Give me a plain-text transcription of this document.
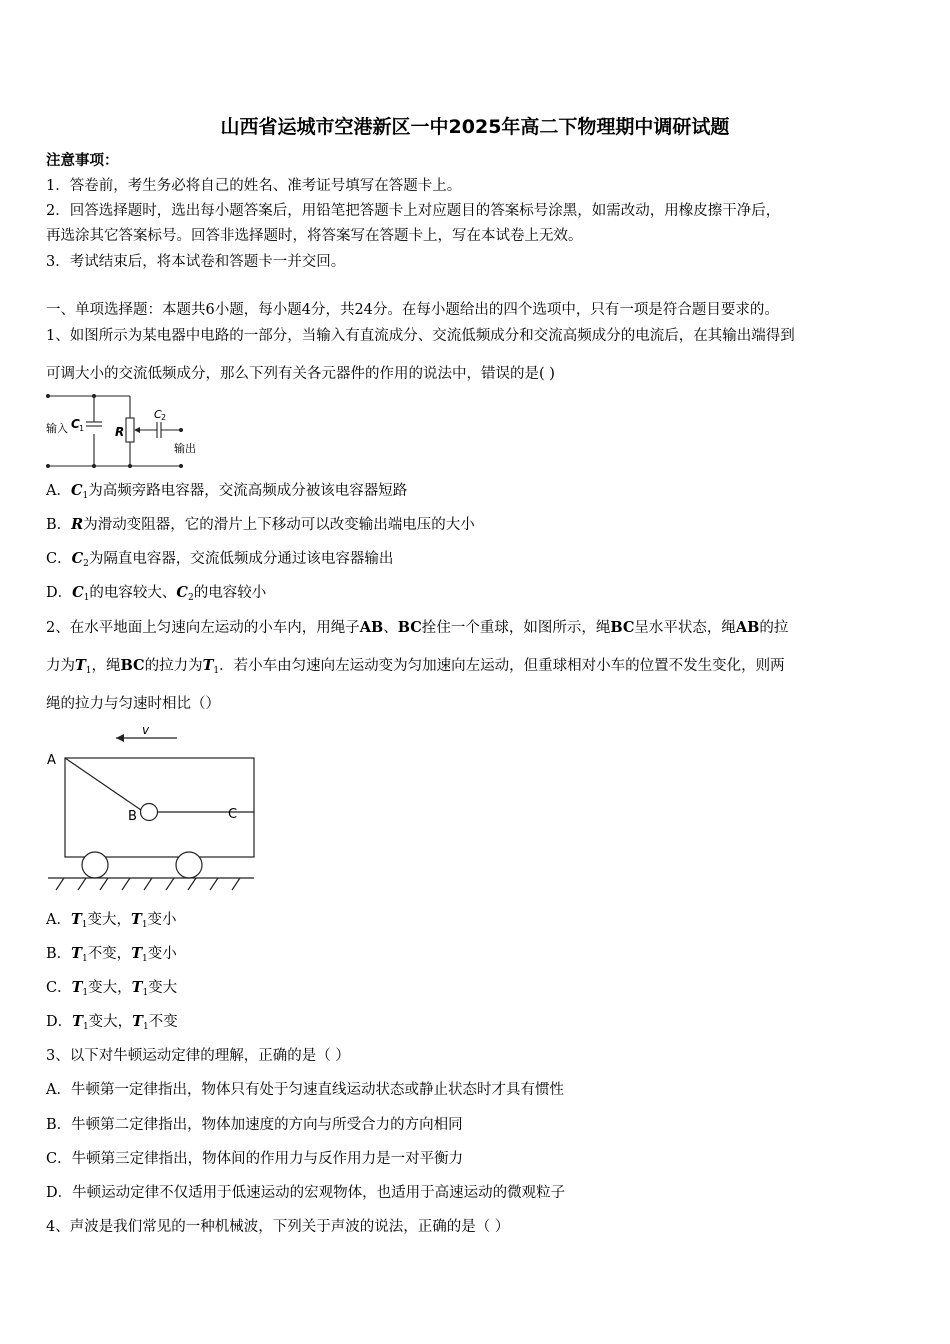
山西省运城市空港新区一中2025年高二下物理期中调研试题
注意事项：
1．答卷前，考生务必将自己的姓名、准考证号填写在答题卡上。
2．回答选择题时，选出每小题答案后，用铅笔把答题卡上对应题目的答案标号涂黑，如需改动，用橡皮擦干净后，
再选涂其它答案标号。回答非选择题时，将答案写在答题卡上，写在本试卷上无效。
3．考试结束后，将本试卷和答题卡一并交回。
一、单项选择题：本题共6小题，每小题4分，共24分。在每小题给出的四个选项中，只有一项是符合题目要求的。
1、如图所示为某电器中电路的一部分，当输入有直流成分、交流低频成分和交流高频成分的电流后，在其输出端得到
可调大小的交流低频成分，那么下列有关各元器件的作用的说法中，错误的是( )
输入 C 1	R
C 2
输出
A．$C_1$为高频旁路电容器，交流高频成分被该电容器短路
B．R为滑动变阻器，它的滑片上下移动可以改变输出端电压的大小
C．$C_2$为隔直电容器，交流低频成分通过该电容器输出
D．$C_1$的电容较大、$C_2$的电容较小
2、在水平地面上匀速向左运动的小车内，用绳子AB、BC拴住一个重球，如图所示，绳BC呈水平状态，绳AB的拉
力为$T_1$，绳BC的拉力为$T_1$．若小车由匀速向左运动变为匀加速向左运动，但重球相对小车的位置不发生变化，则两
绳的拉力与匀速时相比（）
v
A
B	C
A．$T_1$变大，$T_1$变小
B．$T_1$不变，$T_1$变小
C．$T_1$变大，$T_1$变大
D．$T_1$变大，$T_1$不变
3、以下对牛顿运动定律的理解，正确的是（ ）
A．牛顿第一定律指出，物体只有处于匀速直线运动状态或静止状态时才具有惯性
B．牛顿第二定律指出，物体加速度的方向与所受合力的方向相同
C．牛顿第三定律指出，物体间的作用力与反作用力是一对平衡力
D．牛顿运动定律不仅适用于低速运动的宏观物体，也适用于高速运动的微观粒子
4、声波是我们常见的一种机械波，下列关于声波的说法，正确的是（ ）
